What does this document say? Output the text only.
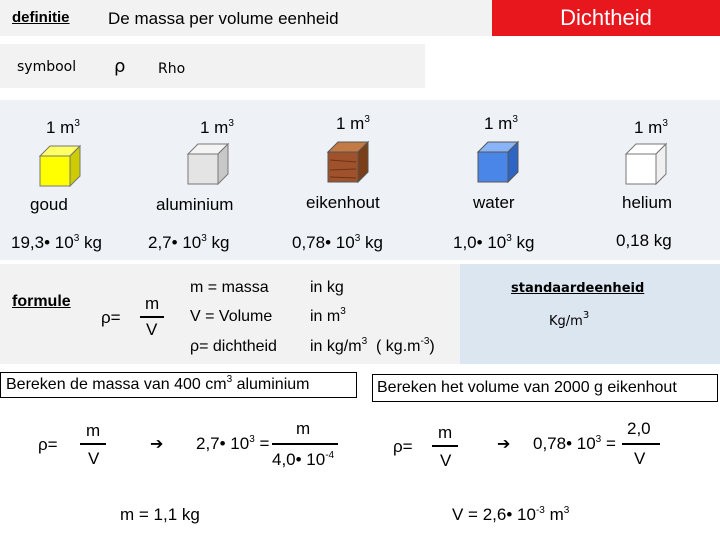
definitie De massa per volume eenheid	Dichtheid
symbool ρ Rho
1 $m^3$
goud
19,3• $10^3$ kg
1 $m^3$
aluminium
2,7• $10^3$ kg
1 $m^3$
eikenhout
0,78• $10^3$ kg
1 $m^3$
water
1,0• $10^3$ kg
1 $m^3$
helium
0,18 kg
formule
ρ=
m
V
m = massa	in kg
V = Volume in $m^3$
ρ= dichtheid in $kg/m^3$  ( $kg.m^{-3}$)
standaardeenheid
$Kg/m^3$
Bereken de massa van 400 $cm^3$ aluminium
ρ=
m
V
➔ 2,7• $10^3$ =
m
4,0• $10^{-4}$
m = 1,1 kg
Bereken het volume van 2000 g eikenhout
ρ=
m
V
➔ 0,78• $10^3$ =
2,0
V
V = 2,6• $10^{-3}$ $m^3$
